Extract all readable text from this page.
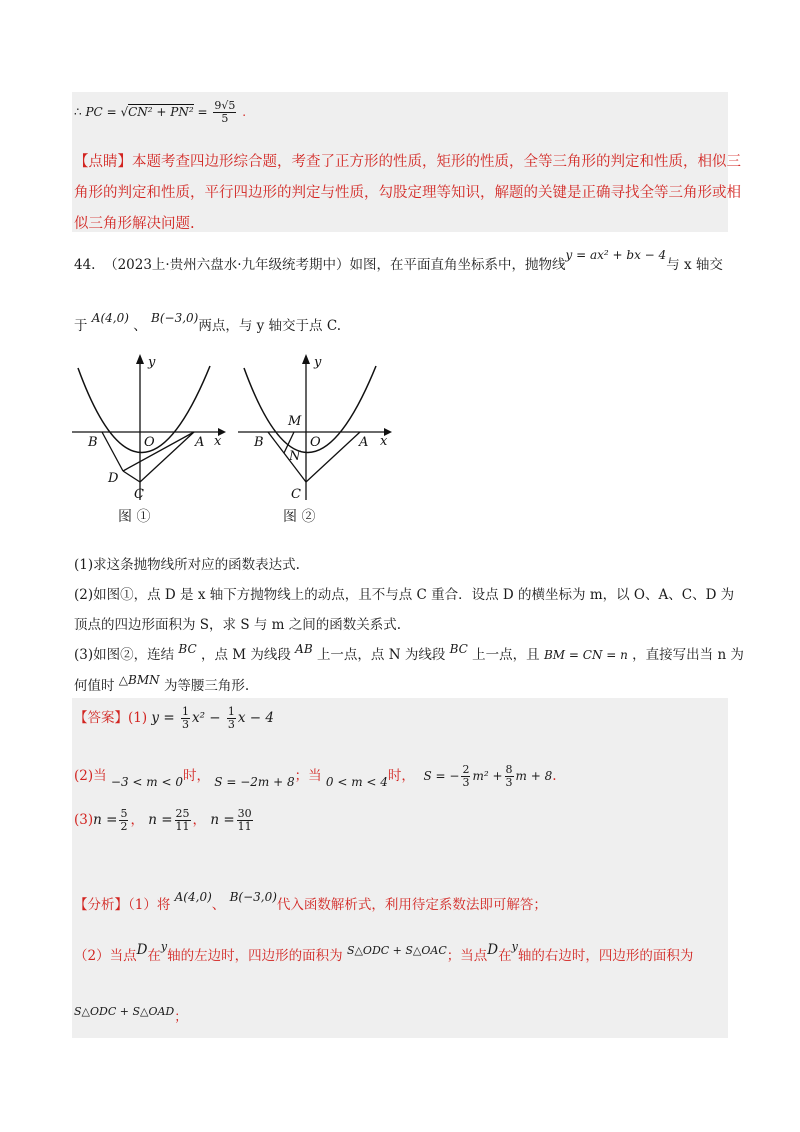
∴ PC = $√CN^2 + PN^2 = \frac{9√5}{5}$ .
【点睛】本题考查四边形综合题，考查了正方形的性质，矩形的性质，全等三角形的判定和性质，相似三
角形的判定和性质，平行四边形的判定与性质，勾股定理等知识，解题的关键是正确寻找全等三角形或相
似三角形解决问题.
44. （2023上·贵州六盘水·九年级统考期中）如图，在平面直角坐标系中，抛物线y = ax² + bx − 4与 x 轴交
于 A(4,0) 、 B(−3,0)两点，与 y 轴交于点 C.
y
x
B	O	A
D
C
图 ①
y
x
B	O	A
M
N
C
图 ②
(1)求这条抛物线所对应的函数表达式.
(2)如图①，点 D 是 x 轴下方抛物线上的动点，且不与点 C 重合．设点 D 的横坐标为 m，以 O、A、C、D 为
顶点的四边形面积为 S，求 S 与 m 之间的函数关系式.
(3)如图②，连结 BC ，点 M 为线段 AB 上一点，点 N 为线段 BC 上一点，且 BM = CN = n ，直接写出当 n 为
何值时 △BMN 为等腰三角形.
【答案】(1) $y = \frac{1}{3} x^2 - \frac{1}{3}$ x − 4
(2)当 −3 < m < 0时， S = −2m + 8；当 0 < m < 4时， S = − $\frac{2}{3} m^2 + \frac{8}{3}$ m + 8.
$(3)n = \frac{5}{2}$ ， $n = \frac{25}{11}$ ， $n = \frac{30}{11}$
【分析】（1）将 A(4,0)、 B(−3,0)代入函数解析式，利用待定系数法即可解答；
（2）当点D在$^y$轴的左边时，四边形的面积为 $^{S\triangle ODC + S\triangle OAC}$；当点D在$^y$轴的右边时，四边形的面积为
S△ODC + S△OAD；
